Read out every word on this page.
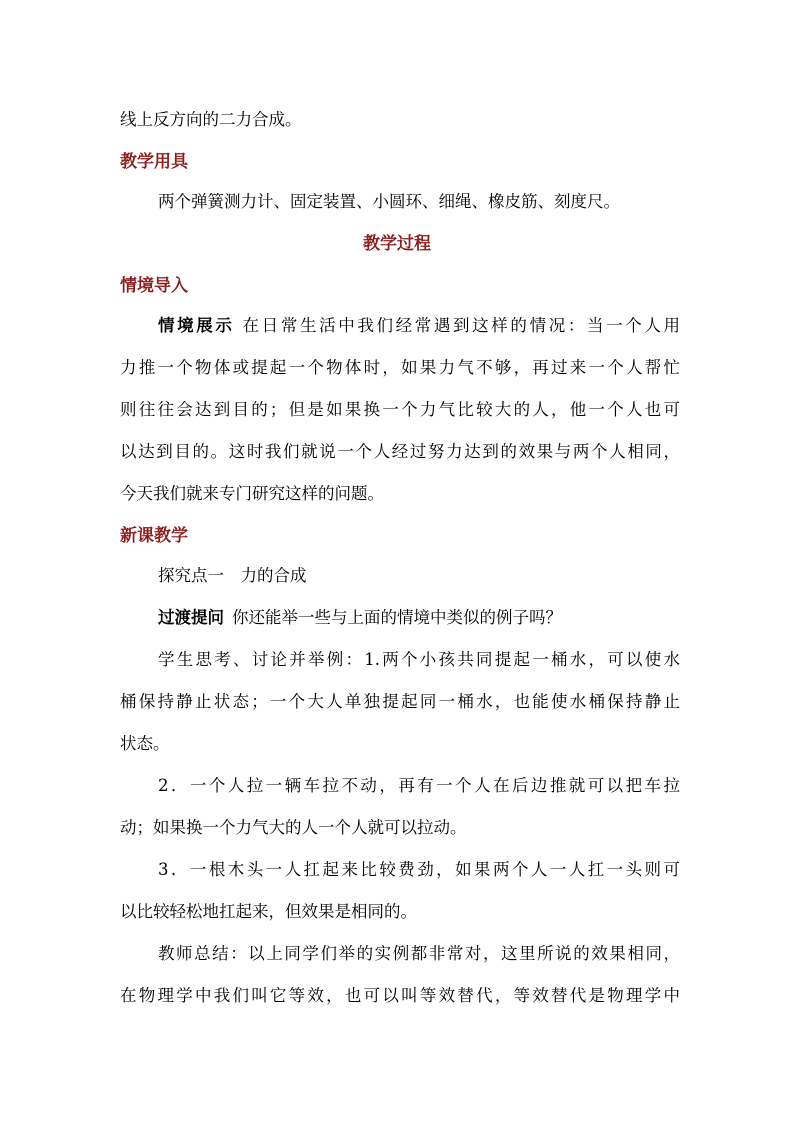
线上反方向的二力合成。
教学用具
两个弹簧测力计、固定装置、小圆环、细绳、橡皮筋、刻度尺。
教学过程
情境导入
情境展示 在日常生活中我们经常遇到这样的情况：当一个人用
力推一个物体或提起一个物体时，如果力气不够，再过来一个人帮忙
则往往会达到目的；但是如果换一个力气比较大的人，他一个人也可
以达到目的。这时我们就说一个人经过努力达到的效果与两个人相同，
今天我们就来专门研究这样的问题。
新课教学
探究点一　力的合成
过渡提问 你还能举一些与上面的情境中类似的例子吗？
学生思考、讨论并举例：1.两个小孩共同提起一桶水，可以使水
桶保持静止状态；一个大人单独提起同一桶水，也能使水桶保持静止
状态。
2．一个人拉一辆车拉不动，再有一个人在后边推就可以把车拉
动；如果换一个力气大的人一个人就可以拉动。
3．一根木头一人扛起来比较费劲，如果两个人一人扛一头则可
以比较轻松地扛起来，但效果是相同的。
教师总结：以上同学们举的实例都非常对，这里所说的效果相同，
在物理学中我们叫它等效，也可以叫等效替代，等效替代是物理学中
